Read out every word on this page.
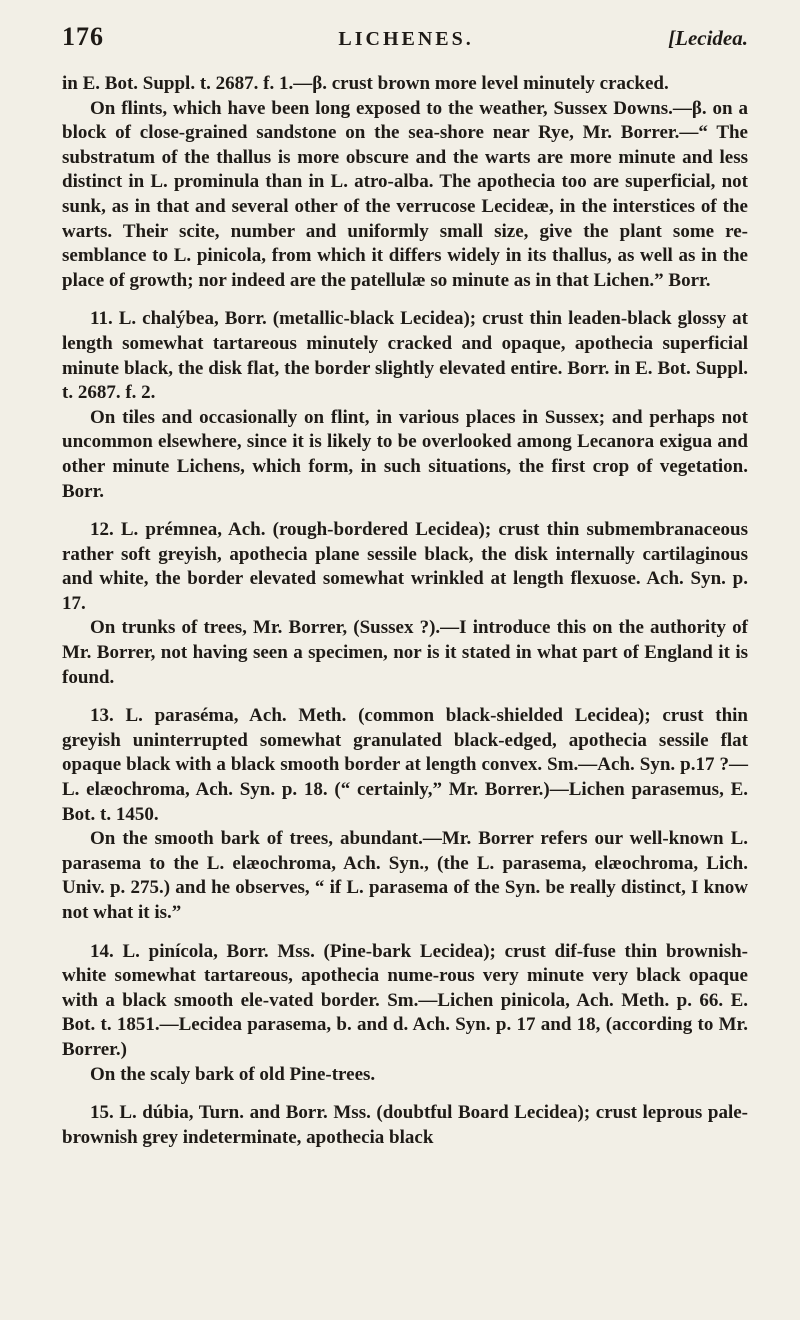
176	LICHENES.	[Lecidea.

in E. Bot. Suppl. t. 2687. f. 1.—β. crust brown more level minutely cracked.

On flints, which have been long exposed to the weather, Sussex Downs.—β. on a block of close-grained sandstone on the sea-shore near Rye, Mr. Borrer.—“ The substratum of the thallus is more obscure and the warts are more minute and less distinct in L. prominula than in L. atro-alba. The apothecia too are superficial, not sunk, as in that and several other of the verrucose Lecideæ, in the interstices of the warts. Their scite, number and uniformly small size, give the plant some re-semblance to L. pinicola, from which it differs widely in its thallus, as well as in the place of growth; nor indeed are the patellulæ so minute as in that Lichen.” Borr.

11. L. chalýbea, Borr. (metallic-black Lecidea); crust thin leaden-black glossy at length somewhat tartareous minutely cracked and opaque, apothecia superficial minute black, the disk flat, the border slightly elevated entire. Borr. in E. Bot. Suppl. t. 2687. f. 2.

On tiles and occasionally on flint, in various places in Sussex; and perhaps not uncommon elsewhere, since it is likely to be overlooked among Lecanora exigua and other minute Lichens, which form, in such situations, the first crop of vegetation. Borr.

12. L. prémnea, Ach. (rough-bordered Lecidea); crust thin submembranaceous rather soft greyish, apothecia plane sessile black, the disk internally cartilaginous and white, the border elevated somewhat wrinkled at length flexuose. Ach. Syn. p. 17.

On trunks of trees, Mr. Borrer, (Sussex ?).—I introduce this on the authority of Mr. Borrer, not having seen a specimen, nor is it stated in what part of England it is found.

13. L. paraséma, Ach. Meth. (common black-shielded Lecidea); crust thin greyish uninterrupted somewhat granulated black-edged, apothecia sessile flat opaque black with a black smooth border at length convex. Sm.—Ach. Syn. p.17 ?—L. elæochroma, Ach. Syn. p. 18. (“ certainly,” Mr. Borrer.)—Lichen parasemus, E. Bot. t. 1450.

On the smooth bark of trees, abundant.—Mr. Borrer refers our well-known L. parasema to the L. elæochroma, Ach. Syn., (the L. parasema, elæochroma, Lich. Univ. p. 275.) and he observes, “ if L. parasema of the Syn. be really distinct, I know not what it is.”

14. L. pinícola, Borr. Mss. (Pine-bark Lecidea); crust dif-fuse thin brownish-white somewhat tartareous, apothecia nume-rous very minute very black opaque with a black smooth ele-vated border. Sm.—Lichen pinicola, Ach. Meth. p. 66. E. Bot. t. 1851.—Lecidea parasema, b. and d. Ach. Syn. p. 17 and 18, (according to Mr. Borrer.)

On the scaly bark of old Pine-trees.

15. L. dúbia, Turn. and Borr. Mss. (doubtful Board Lecidea); crust leprous pale-brownish grey indeterminate, apothecia black
